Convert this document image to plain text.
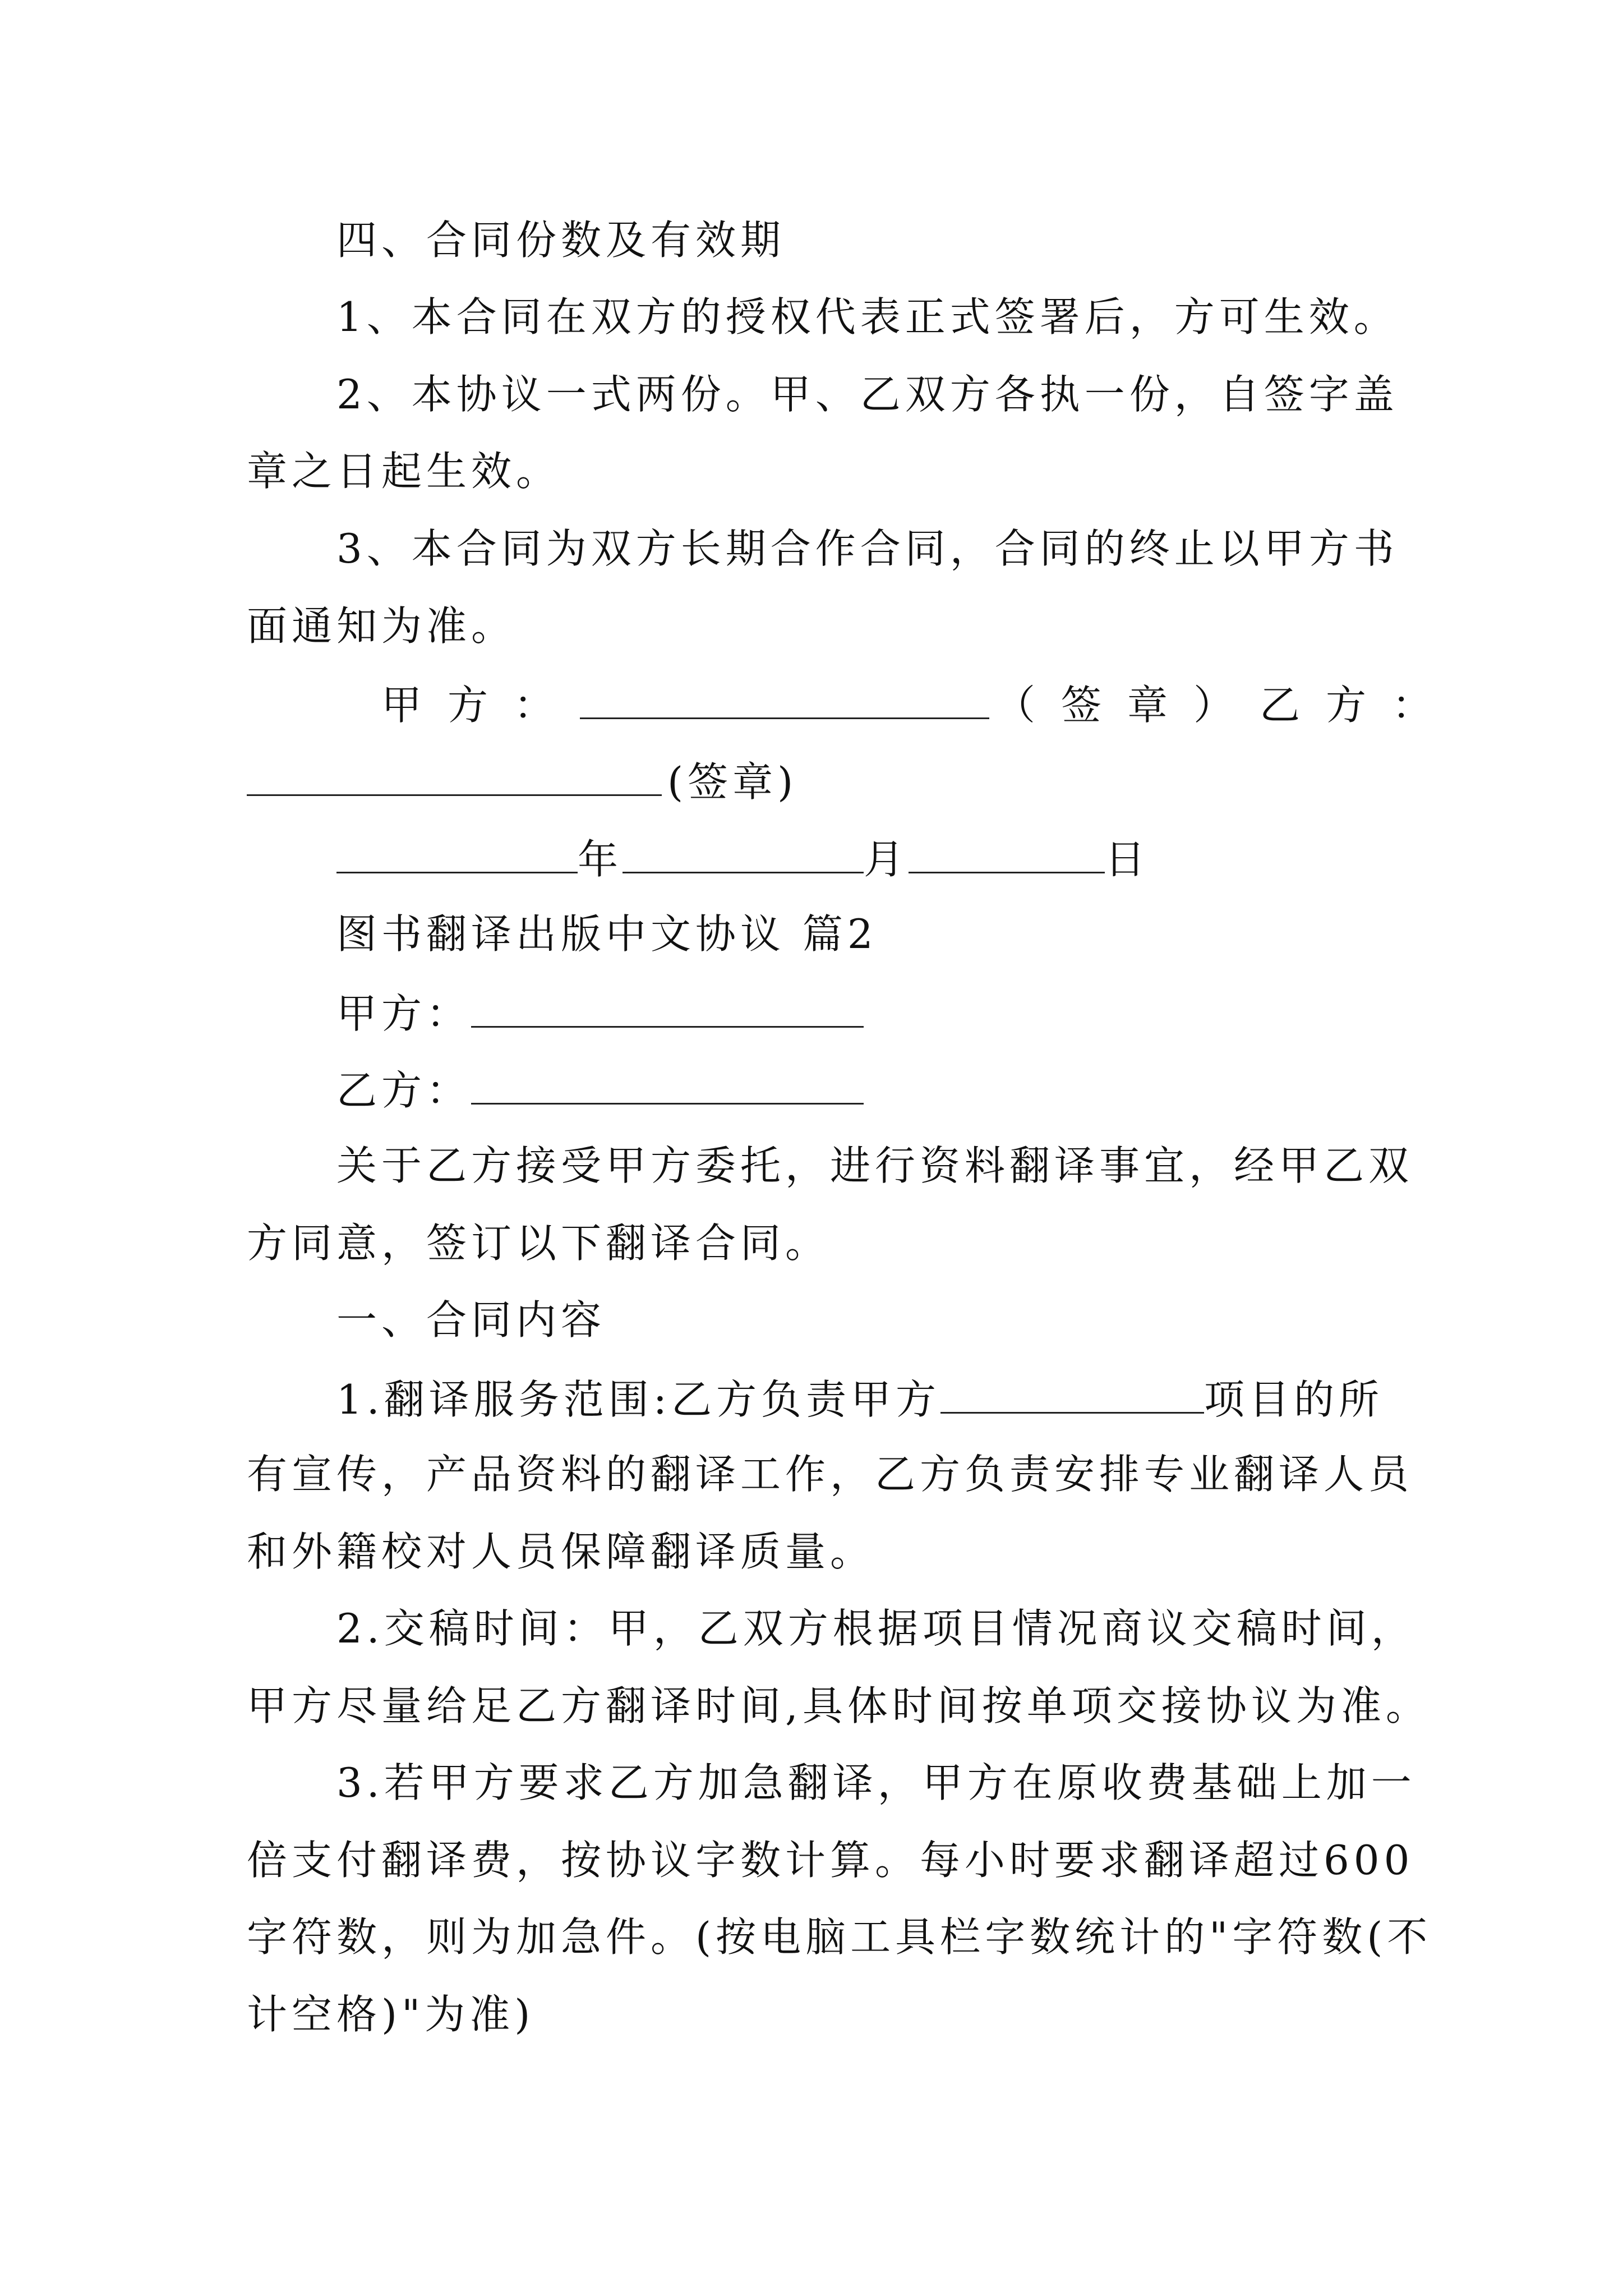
四、合同份数及有效期
1、本合同在双方的授权代表正式签署后，方可生效。
2、本协议一式两份。甲、乙双方各执一份，自签字盖
章之日起生效。
3、本合同为双方长期合作合同，合同的终止以甲方书
面通知为准。
甲方：	（签章）乙方：
(签章)
年	月	日
图书翻译出版中文协议 篇2
甲方：
乙方：
关于乙方接受甲方委托，进行资料翻译事宜，经甲乙双
方同意，签订以下翻译合同。
一、合同内容
1.翻译服务范围:乙方负责甲方	项目的所
有宣传，产品资料的翻译工作，乙方负责安排专业翻译人员
和外籍校对人员保障翻译质量。
2.交稿时间：甲，乙双方根据项目情况商议交稿时间，
甲方尽量给足乙方翻译时间,具体时间按单项交接协议为准。
3.若甲方要求乙方加急翻译，甲方在原收费基础上加一
倍支付翻译费，按协议字数计算。每小时要求翻译超过600
字符数，则为加急件。(按电脑工具栏字数统计的"字符数(不
计空格)"为准)
